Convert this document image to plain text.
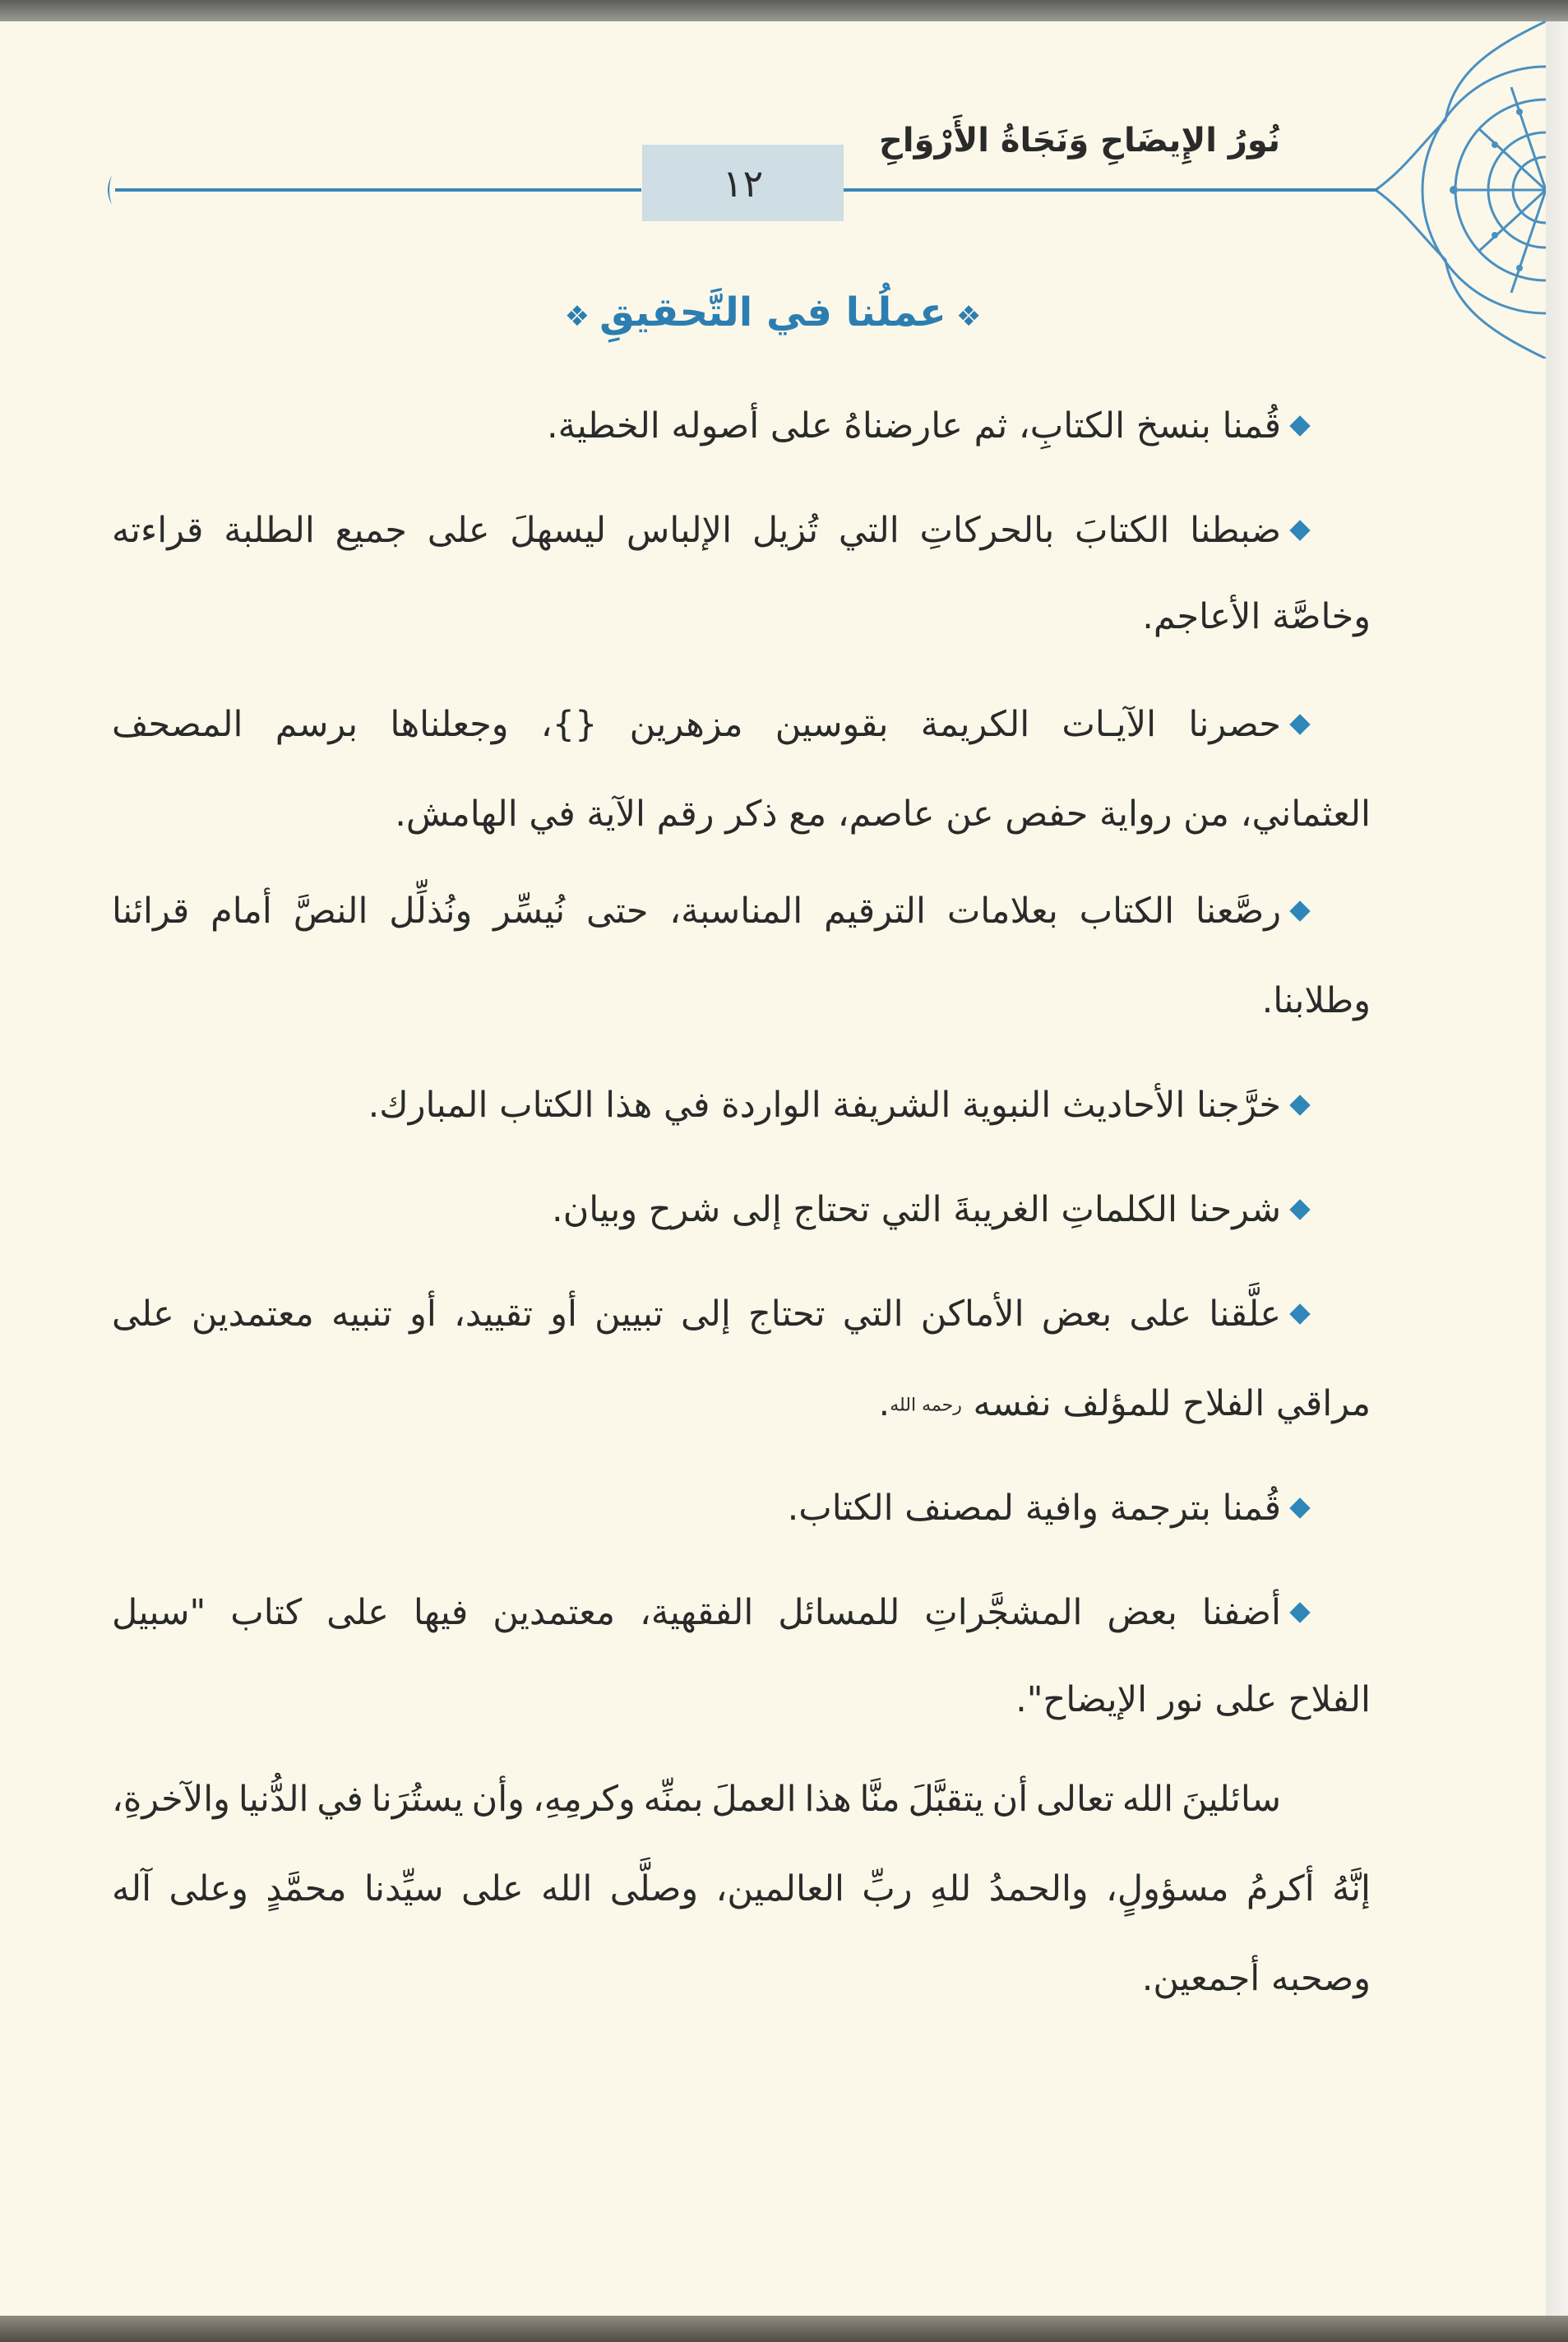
١٢
نُورُ الإِيضَاحِ وَنَجَاةُ الأَرْوَاحِ
❖عملُنا في التَّحقيقِ❖
قُمنا بنسخ الكتابِ، ثم عارضناهُ على أصوله الخطية.
ضبطنا الكتابَ بالحركاتِ التي تُزيل الإلباس ليسهلَ على جميع الطلبة قراءته
وخاصَّة الأعاجم.
حصرنا الآيـات الكريمة بقوسين مزهرين {}، وجعلناها برسم المصحف
العثماني، من رواية حفص عن عاصم، مع ذكر رقم الآية في الهامش.
رصَّعنا الكتاب بعلامات الترقيم المناسبة، حتى نُيسِّر ونُذلِّل النصَّ أمام قرائنا
وطلابنا.
خرَّجنا الأحاديث النبوية الشريفة الواردة في هذا الكتاب المبارك.
شرحنا الكلماتِ الغريبةَ التي تحتاج إلى شرح وبيان.
علَّقنا على بعض الأماكن التي تحتاج إلى تبيين أو تقييد، أو تنبيه معتمدين على
مراقي الفلاح للمؤلف نفسه رحمه الله.
قُمنا بترجمة وافية لمصنف الكتاب.
أضفنا بعض المشجَّراتِ للمسائل الفقهية، معتمدين فيها على كتاب "سبيل
الفلاح على نور الإيضاح".
سائلينَ الله تعالى أن يتقبَّلَ منَّا هذا العملَ بمنِّه وكرمِهِ، وأن يستُرَنا في الدُّنيا والآخرةِ،
إنَّهُ أكرمُ مسؤولٍ، والحمدُ للهِ ربِّ العالمين، وصلَّى الله على سيِّدنا محمَّدٍ وعلى آله
وصحبه أجمعين.
